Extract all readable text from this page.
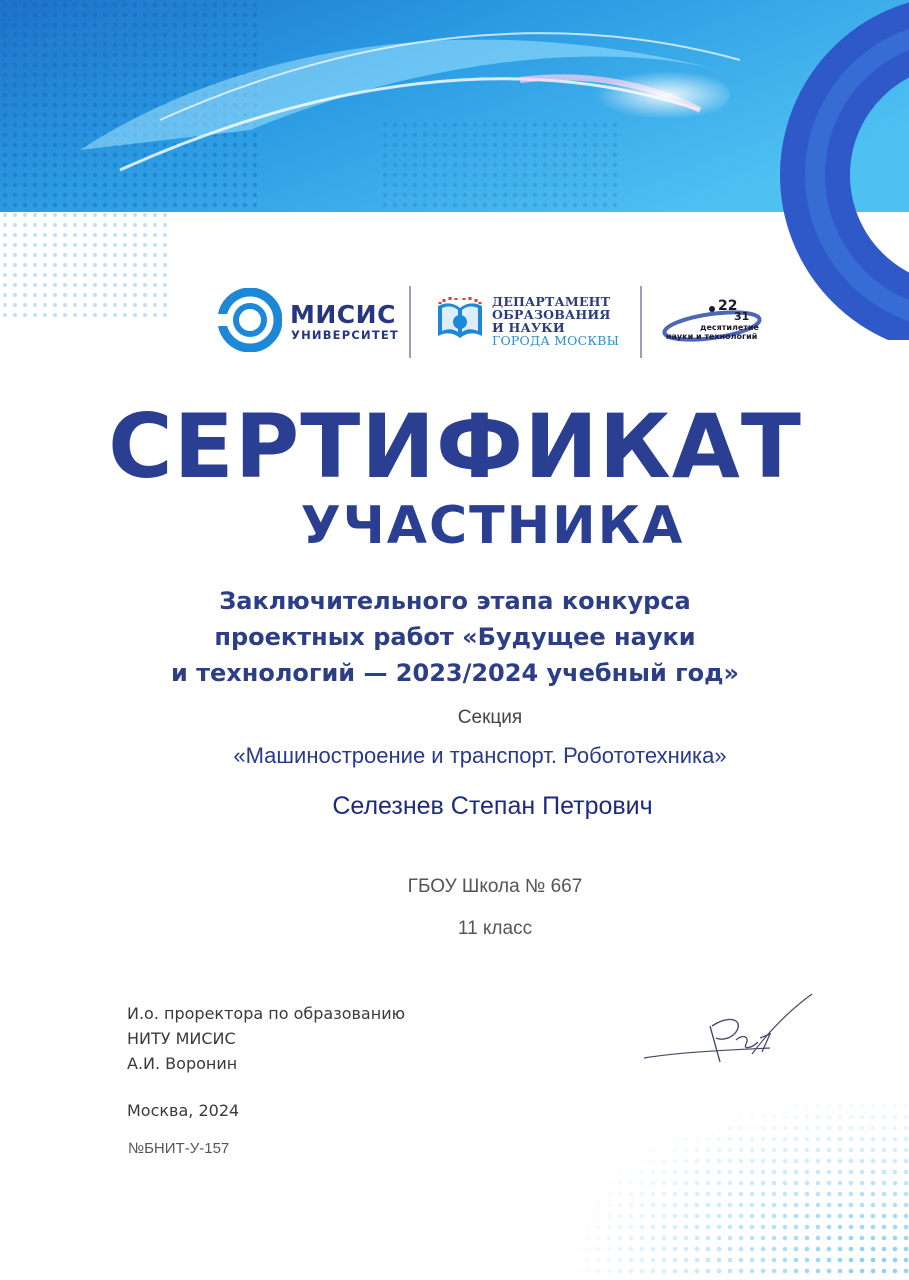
МИСИС
УНИВЕРСИТЕТ
ДЕПАРТАМЕНТ
ОБРАЗОВАНИЯ
И НАУКИ
ГОРОДА МОСКВЫ
22
31
десятилетие
науки и технологий
СЕРТИФИКАТ
УЧАСТНИКА
Заключительного этапа конкурса
проектных работ «Будущее науки
и технологий — 2023/2024 учебный год»
Секция
«Машиностроение и транспорт. Робототехника»
Селезнев Степан Петрович
ГБОУ Школа № 667
11 класс
И.о. проректора по образованию
НИТУ МИСИС
А.И. Воронин
Москва, 2024
№БНИТ-У-157
